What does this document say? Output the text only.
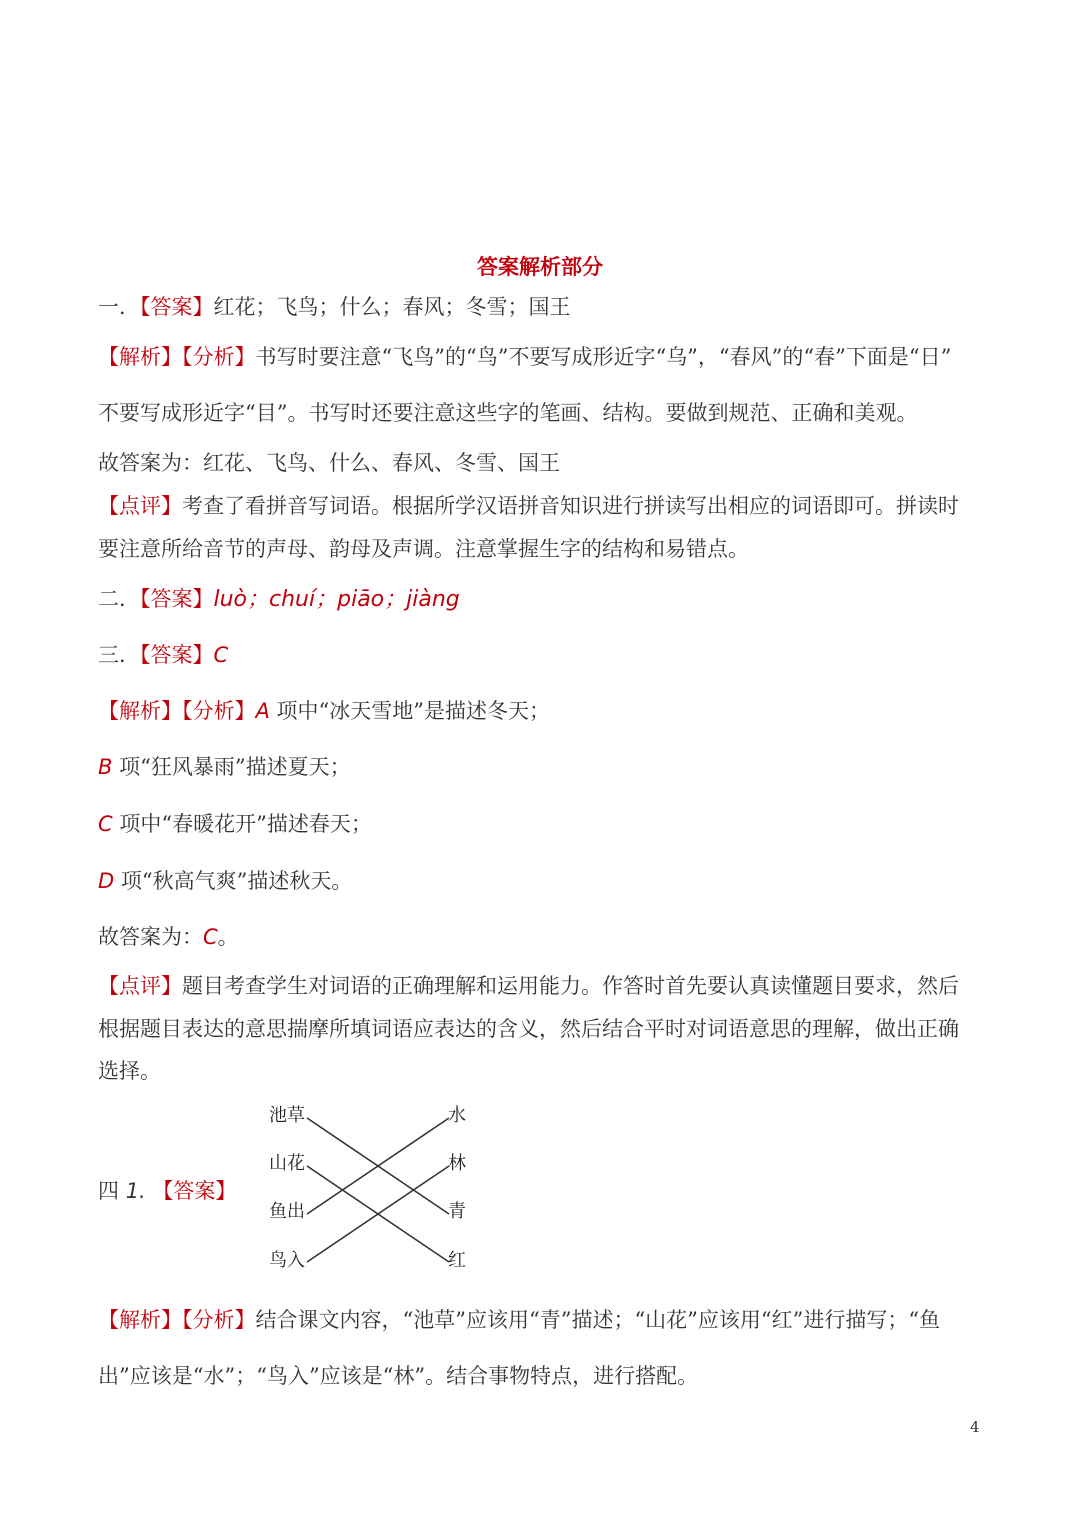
答案解析部分
一．【答案】红花；飞鸟；什么；春风；冬雪；国王
【解析】【分析】书写时要注意“飞鸟”的“鸟”不要写成形近字“乌”，“春风”的“春”下面是“日”
不要写成形近字“目”。书写时还要注意这些字的笔画、结构。要做到规范、正确和美观。
故答案为：红花、飞鸟、什么、春风、冬雪、国王
【点评】考查了看拼音写词语。根据所学汉语拼音知识进行拼读写出相应的词语即可。拼读时
要注意所给音节的声母、韵母及声调。注意掌握生字的结构和易错点。
二．【答案】luò；chuí；piāo；jiàng
三．【答案】C
【解析】【分析】A 项中“冰天雪地”是描述冬天；
B 项“狂风暴雨”描述夏天；
C 项中“春暖花开”描述春天；
D 项“秋高气爽”描述秋天。
故答案为：C。
【点评】题目考查学生对词语的正确理解和运用能力。作答时首先要认真读懂题目要求，然后
根据题目表达的意思揣摩所填词语应表达的含义，然后结合平时对词语意思的理解，做出正确
选择。
四 1. 【答案】
池草
山花
鱼出
鸟入
水
林
青
红
【解析】【分析】结合课文内容，“池草”应该用“青”描述；“山花”应该用“红”进行描写；“鱼
出”应该是“水”；“鸟入”应该是“林”。结合事物特点，进行搭配。
4
